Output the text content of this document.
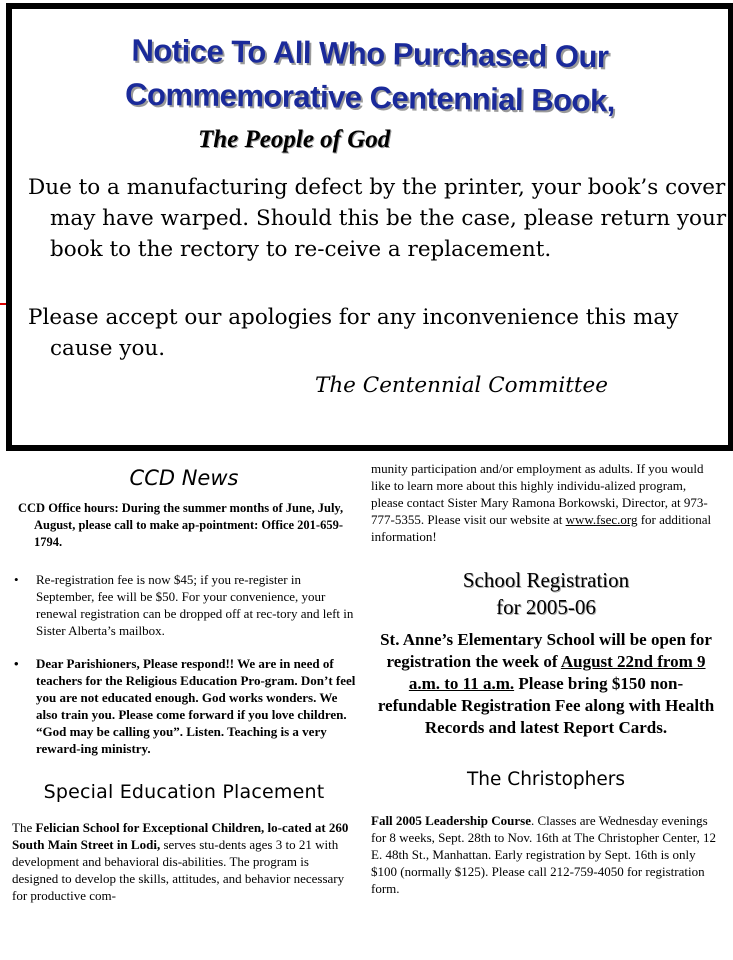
Notice To All Who Purchased Our
Commemorative Centennial Book,
The People of God

Due to a manufacturing defect by the printer, your book’s cover may have warped. Should this be the case, please return your book to the rectory to re-ceive a replacement.

Please accept our apologies for any inconvenience this may cause you.

The Centennial Committee
CCD News

CCD Office hours: During the summer months of June, July, August, please call to make ap-pointment: Office 201-659-1794.

• Re-registration fee is now $45; if you re-register in September, fee will be $50. For your convenience, your renewal registration can be dropped off at rec-tory and left in Sister Alberta’s mailbox.
• Dear Parishioners, Please respond!! We are in need of teachers for the Religious Education Pro-gram. Don’t feel you are not educated enough. God works wonders. We also train you. Please come forward if you love children. “God may be calling you”. Listen. Teaching is a very reward-ing ministry.
Special Education Placement

The Felician School for Exceptional Children, lo-cated at 260 South Main Street in Lodi, serves stu-dents ages 3 to 21 with development and behavioral dis-abilities. The program is designed to develop the skills, attitudes, and behavior necessary for productive com-

munity participation and/or employment as adults. If you would like to learn more about this highly individu-alized program, please contact Sister Mary Ramona Borkowski, Director, at 973-777-5355. Please visit our website at www.fsec.org for additional information!

School Registration
for 2005-06

St. Anne’s Elementary School will be open for registration the week of August 22nd from 9 a.m. to 11 a.m. Please bring $150 non-refundable Registration Fee along with Health Records and latest Report Cards.

The Christophers

Fall 2005 Leadership Course. Classes are Wednesday evenings for 8 weeks, Sept. 28th to Nov. 16th at The Christopher Center, 12 E. 48th St., Manhattan. Early registration by Sept. 16th is only $100 (normally $125). Please call 212-759-4050 for registration form.
